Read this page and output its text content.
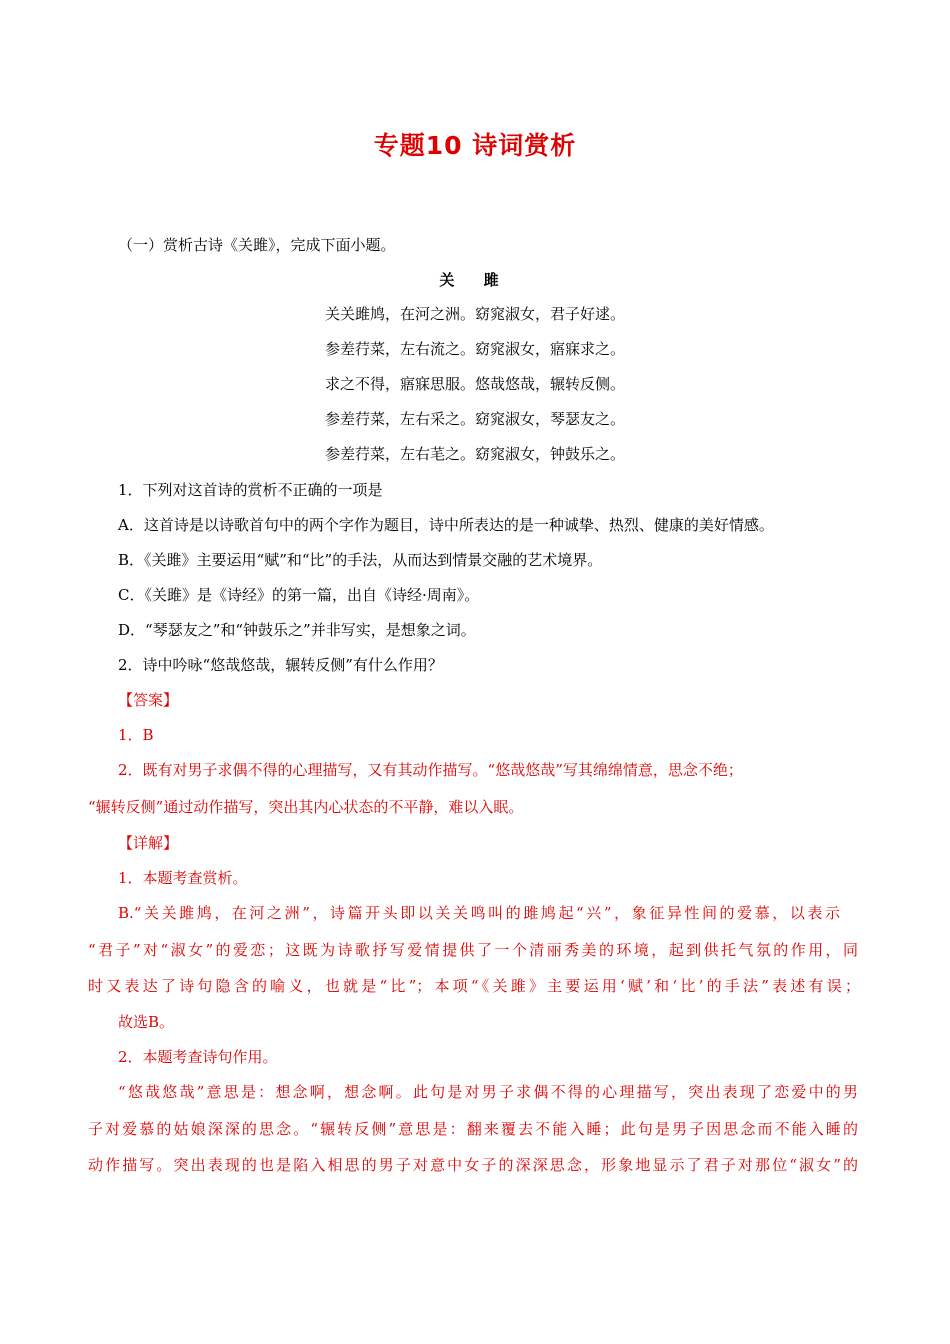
专题10 诗词赏析
（一）赏析古诗《关雎》，完成下面小题。
关 雎
关关雎鸠，在河之洲。窈窕淑女，君子好逑。
参差荇菜，左右流之。窈窕淑女，寤寐求之。
求之不得，寤寐思服。悠哉悠哉，辗转反侧。
参差荇菜，左右采之。窈窕淑女，琴瑟友之。
参差荇菜，左右芼之。窈窕淑女，钟鼓乐之。
1．下列对这首诗的赏析不正确的一项是
A．这首诗是以诗歌首句中的两个字作为题目，诗中所表达的是一种诚挚、热烈、健康的美好情感。
B．《关雎》主要运用“赋”和“比”的手法，从而达到情景交融的艺术境界。
C．《关雎》是《诗经》的第一篇，出自《诗经·周南》。
D．“琴瑟友之”和“钟鼓乐之”并非写实，是想象之词。
2．诗中吟咏“悠哉悠哉，辗转反侧”有什么作用？
【答案】
1．B
2．既有对男子求偶不得的心理描写，又有其动作描写。“悠哉悠哉”写其绵绵情意，思念不绝；
“辗转反侧”通过动作描写，突出其内心状态的不平静，难以入眠。
【详解】
1．本题考查赏析。
B.“关关雎鸠，在河之洲”，诗篇开头即以关关鸣叫的雎鸠起“兴”，象征异性间的爱慕，以表示
“君子”对“淑女”的爱恋；这既为诗歌抒写爱情提供了一个清丽秀美的环境，起到供托气氛的作用，同
时又表达了诗句隐含的喻义，也就是“比”；本项“《关雎》主要运用‘赋’和‘比’的手法”表述有误；
故选B。
2．本题考查诗句作用。
“悠哉悠哉”意思是：想念啊，想念啊。此句是对男子求偶不得的心理描写，突出表现了恋爱中的男
子对爱慕的姑娘深深的思念。“辗转反侧”意思是：翻来覆去不能入睡；此句是男子因思念而不能入睡的
动作描写。突出表现的也是陷入相思的男子对意中女子的深深思念，形象地显示了君子对那位“淑女”的
